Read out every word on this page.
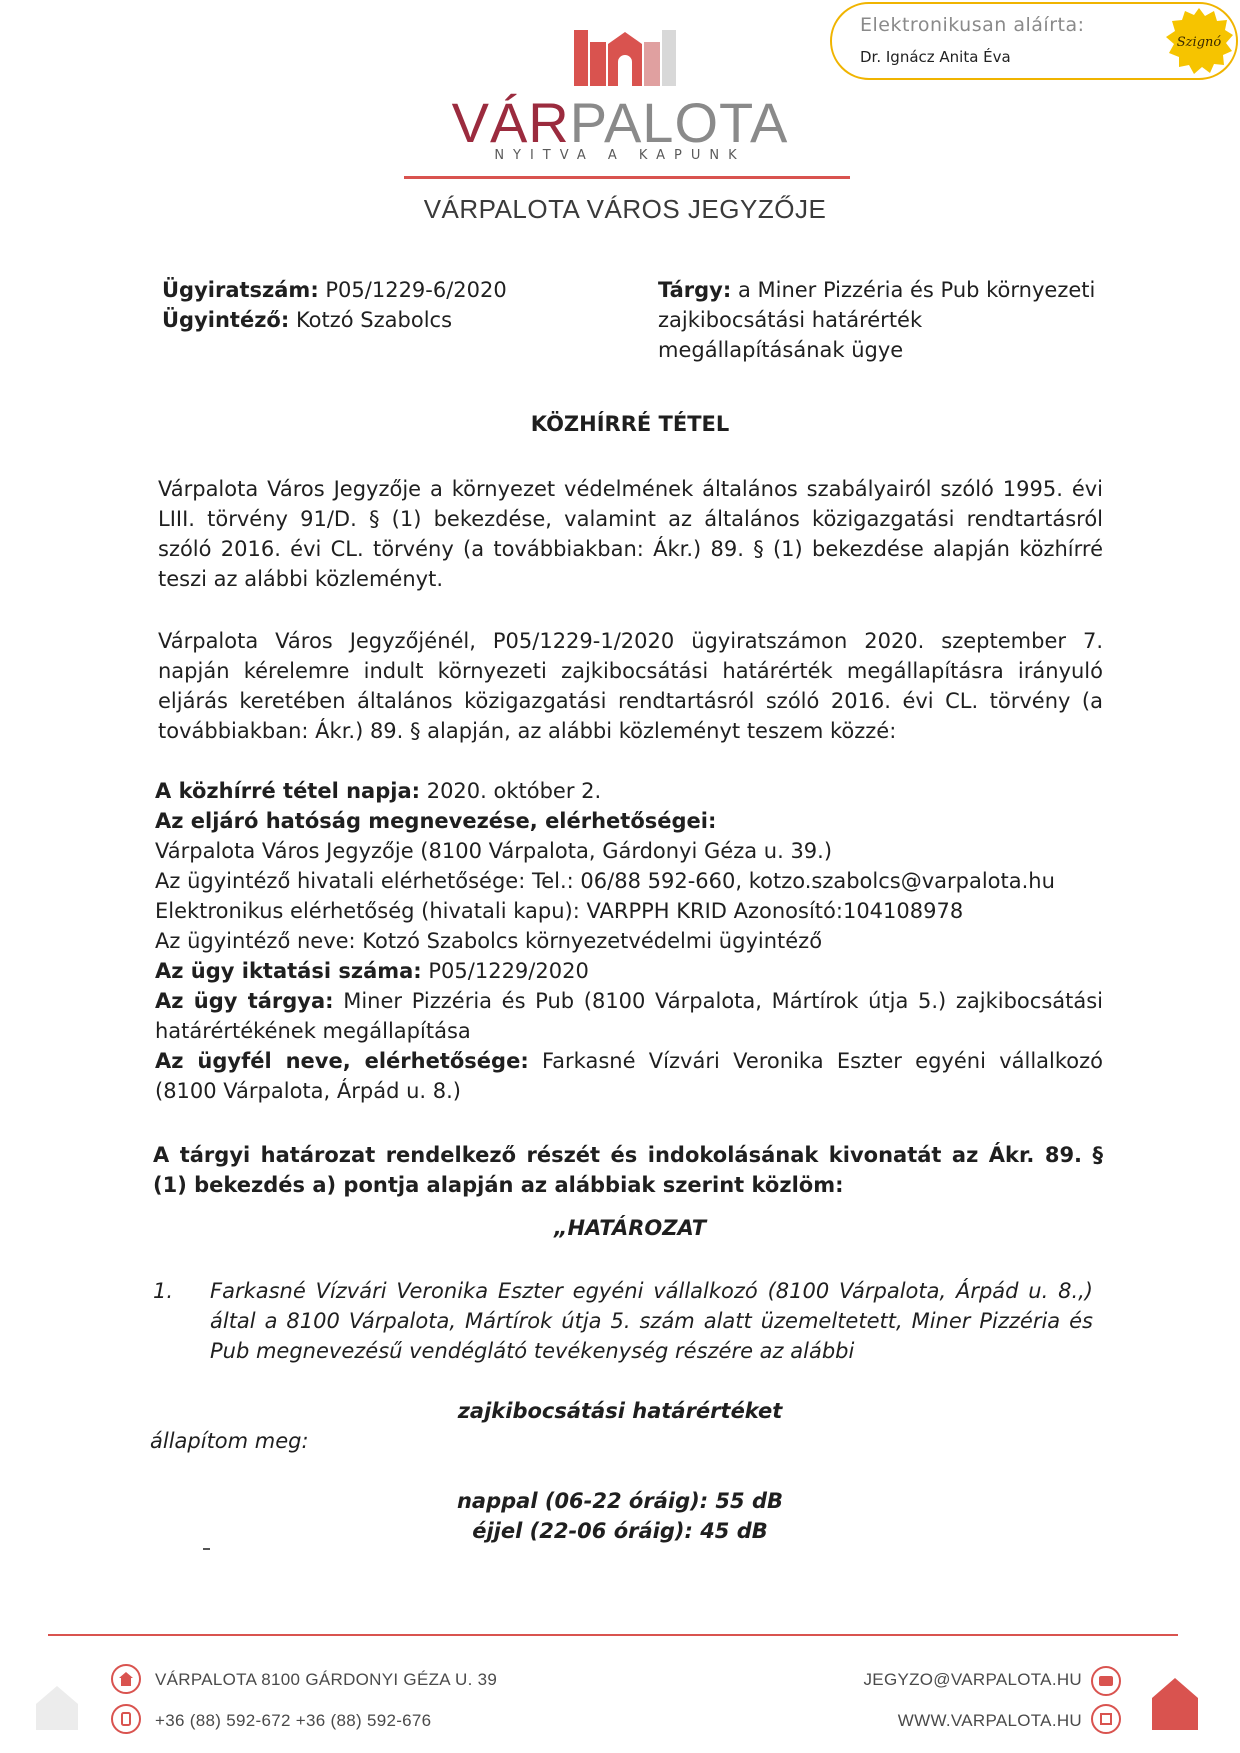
Elektronikusan aláírta:
Dr. Ignácz Anita Éva
Szignó
VÁRPALOTA
NYITVA A KAPUNK
VÁRPALOTA VÁROS JEGYZŐJE
Ügyiratszám: P05/1229-6/2020
Ügyintéző: Kotzó Szabolcs
Tárgy: a Miner Pizzéria és Pub környezeti zajkibocsátási határérték megállapításának ügye
KÖZHÍRRÉ TÉTEL
Várpalota Város Jegyzője a környezet védelmének általános szabályairól szóló 1995. évi LIII. törvény 91/D. § (1) bekezdése, valamint az általános közigazgatási rendtartásról szóló 2016. évi CL. törvény (a továbbiakban: Ákr.) 89. § (1) bekezdése alapján közhírré teszi az alábbi közleményt.
Várpalota Város Jegyzőjénél, P05/1229-1/2020 ügyiratszámon 2020. szeptember 7. napján kérelemre indult környezeti zajkibocsátási határérték megállapításra irányuló eljárás keretében általános közigazgatási rendtartásról szóló 2016. évi CL. törvény (a továbbiakban: Ákr.) 89. § alapján, az alábbi közleményt teszem közzé:
A közhírré tétel napja: 2020. október 2.
Az eljáró hatóság megnevezése, elérhetőségei:
Várpalota Város Jegyzője (8100 Várpalota, Gárdonyi Géza u. 39.)
Az ügyintéző hivatali elérhetősége: Tel.: 06/88 592-660, kotzo.szabolcs@varpalota.hu
Elektronikus elérhetőség (hivatali kapu): VARPPH KRID Azonosító:104108978
Az ügyintéző neve: Kotzó Szabolcs környezetvédelmi ügyintéző
Az ügy iktatási száma: P05/1229/2020
Az ügy tárgya: Miner Pizzéria és Pub (8100 Várpalota, Mártírok útja 5.) zajkibocsátási határértékének megállapítása
Az ügyfél neve, elérhetősége: Farkasné Vízvári Veronika Eszter egyéni vállalkozó (8100 Várpalota, Árpád u. 8.)
A tárgyi határozat rendelkező részét és indokolásának kivonatát az Ákr. 89. § (1) bekezdés a) pontja alapján az alábbiak szerint közlöm:
„HATÁROZAT
1. Farkasné Vízvári Veronika Eszter egyéni vállalkozó (8100 Várpalota, Árpád u. 8.,) által a 8100 Várpalota, Mártírok útja 5. szám alatt üzemeltetett, Miner Pizzéria és Pub megnevezésű vendéglátó tevékenység részére az alábbi
zajkibocsátási határértéket
állapítom meg:
nappal (06-22 óráig): 55 dB
éjjel (22-06 óráig): 45 dB
VÁRPALOTA 8100 GÁRDONYI GÉZA U. 39
+36 (88) 592-672 +36 (88) 592-676
JEGYZO@VARPALOTA.HU
WWW.VARPALOTA.HU
